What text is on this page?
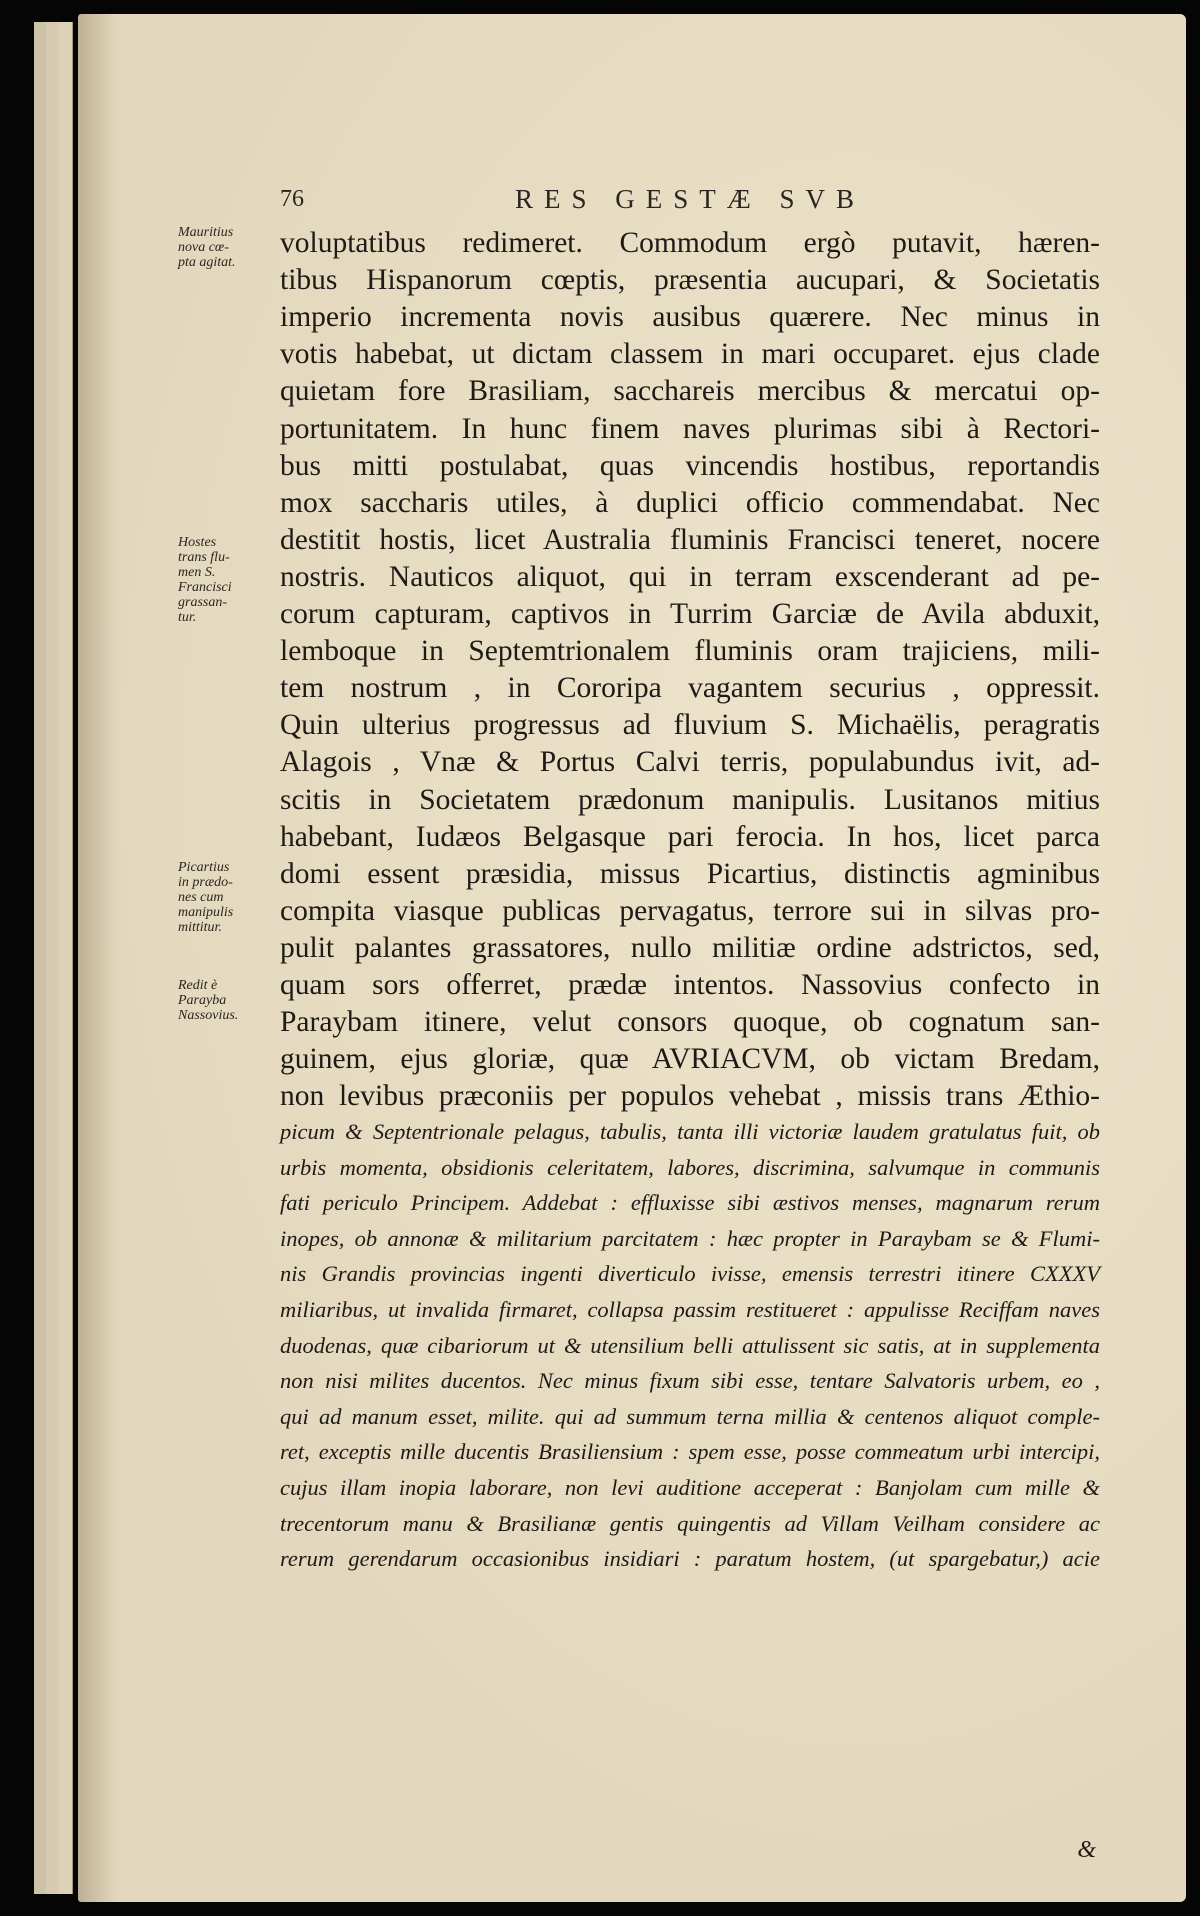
76	RES GESTÆ SVB
Mauritius
nova cœ-
pta agitat.
Hostes
trans flu-
men S.
Francisci
grassan-
tur.
Picartius
in prædo-
nes cum
manipulis
mittitur.
Redit è
Parayba
Nassovius.
voluptatibus redimeret. Commodum ergò putavit, hæren-
tibus Hispanorum cœptis, præsentia aucupari, & Societatis
imperio incrementa novis ausibus quærere. Nec minus in
votis habebat, ut dictam classem in mari occuparet. ejus clade
quietam fore Brasiliam, sacchareis mercibus & mercatui op-
portunitatem. In hunc finem naves plurimas sibi à Rectori-
bus mitti postulabat, quas vincendis hostibus, reportandis
mox saccharis utiles, à duplici officio commendabat. Nec
destitit hostis, licet Australia fluminis Francisci teneret, nocere
nostris. Nauticos aliquot, qui in terram exscenderant ad pe-
corum capturam, captivos in Turrim Garciæ de Avila abduxit,
lemboque in Septemtrionalem fluminis oram trajiciens, mili-
tem nostrum , in Cororipa vagantem securius , oppressit.
Quin ulterius progressus ad fluvium S. Michaëlis, peragratis
Alagois , Vnæ & Portus Calvi terris, populabundus ivit, ad-
scitis in Societatem prædonum manipulis. Lusitanos mitius
habebant, Iudæos Belgasque pari ferocia. In hos, licet parca
domi essent præsidia, missus Picartius, distinctis agminibus
compita viasque publicas pervagatus, terrore sui in silvas pro-
pulit palantes grassatores, nullo militiæ ordine adstrictos, sed,
quam sors offerret, prædæ intentos. Nassovius confecto in
Paraybam itinere, velut consors quoque, ob cognatum san-
guinem, ejus gloriæ, quæ AVRIACVM, ob victam Bredam,
non levibus præconiis per populos vehebat , missis trans Æthio-
picum & Septentrionale pelagus, tabulis, tanta illi victoriæ laudem gratulatus fuit, ob
urbis momenta, obsidionis celeritatem, labores, discrimina, salvumque in communis
fati periculo Principem. Addebat : effluxisse sibi æstivos menses, magnarum rerum
inopes, ob annonæ & militarium parcitatem : hæc propter in Paraybam se & Flumi-
nis Grandis provincias ingenti diverticulo ivisse, emensis terrestri itinere CXXXV
miliaribus, ut invalida firmaret, collapsa passim restitueret : appulisse Reciffam naves
duodenas, quæ cibariorum ut & utensilium belli attulissent sic satis, at in supplementa
non nisi milites ducentos. Nec minus fixum sibi esse, tentare Salvatoris urbem, eo ,
qui ad manum esset, milite. qui ad summum terna millia & centenos aliquot comple-
ret, exceptis mille ducentis Brasiliensium : spem esse, posse commeatum urbi intercipi,
cujus illam inopia laborare, non levi auditione acceperat : Banjolam cum mille &
trecentorum manu & Brasilianæ gentis quingentis ad Villam Veilham considere ac
rerum gerendarum occasionibus insidiari : paratum hostem, (ut spargebatur,) acie
&
